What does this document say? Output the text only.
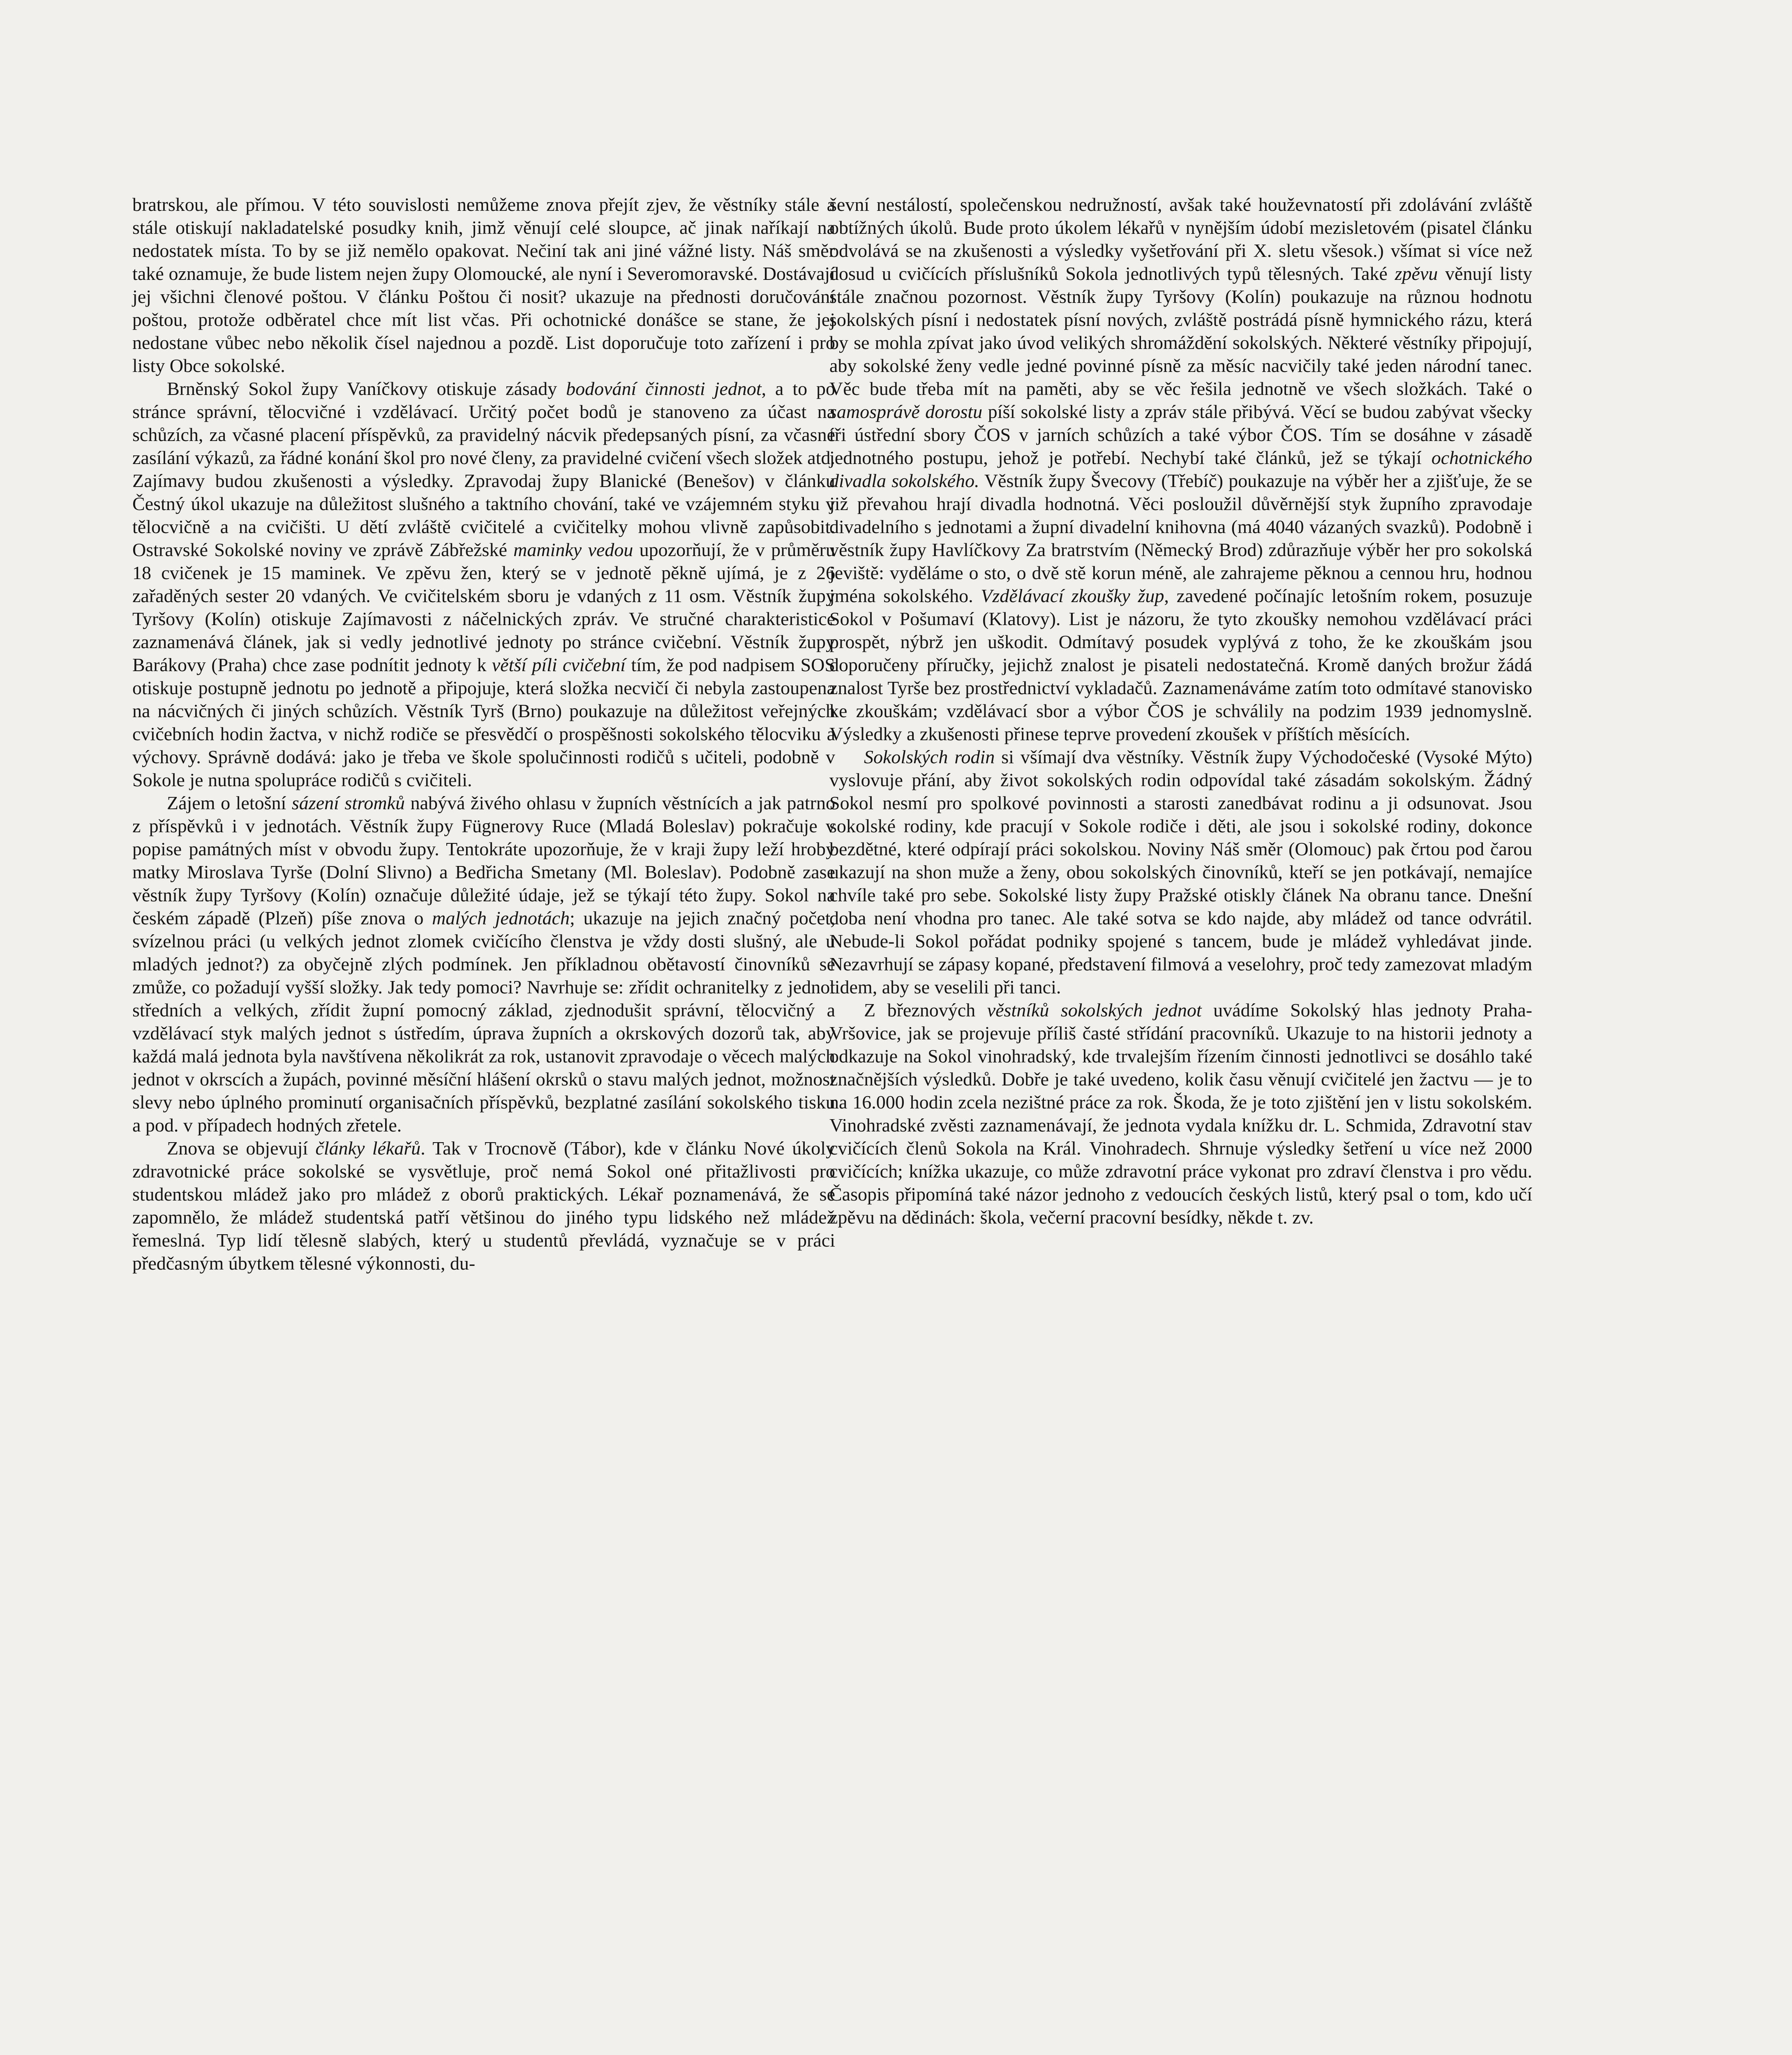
bratrskou, ale přímou. V této souvislosti nemůžeme znova přejít zjev, že věstníky stále a stále otiskují nakladatelské posudky knih, jimž věnují celé sloupce, ač jinak naříkají na nedostatek místa. To by se již nemělo opakovat. Nečiní tak ani jiné vážné listy. Náš směr také oznamuje, že bude listem nejen župy Olomoucké, ale nyní i Severomoravské. Dostávají jej všichni členové poštou. V článku Poštou či nosit? ukazuje na přednosti doručování poštou, protože odběratel chce mít list včas. Při ochotnické donášce se stane, že jej nedostane vůbec nebo několik čísel najednou a pozdě. List doporučuje toto zařízení i pro listy Obce sokolské.

Brněnský Sokol župy Vaníčkovy otiskuje zásady bodování činnosti jednot, a to po stránce správní, tělocvičné i vzdělávací. Určitý počet bodů je stanoveno za účast na schůzích, za včasné placení příspěvků, za pravidelný nácvik předepsaných písní, za včasné zasílání výkazů, za řádné konání škol pro nové členy, za pravidelné cvičení všech složek atd. Zajímavy budou zkušenosti a výsledky. Zpravodaj župy Blanické (Benešov) v článku Čestný úkol ukazuje na důležitost slušného a taktního chování, také ve vzájemném styku v tělocvičně a na cvičišti. U dětí zvláště cvičitelé a cvičitelky mohou vlivně zapůsobit. Ostravské Sokolské noviny ve zprávě Zábřežské maminky vedou upozorňují, že v průměru 18 cvičenek je 15 maminek. Ve zpěvu žen, který se v jednotě pěkně ujímá, je z 26 zařaděných sester 20 vdaných. Ve cvičitelském sboru je vdaných z 11 osm. Věstník župy Tyršovy (Kolín) otiskuje Zajímavosti z náčelnických zpráv. Ve stručné charakteristice zaznamenává článek, jak si vedly jednotlivé jednoty po stránce cvičební. Věstník župy Barákovy (Praha) chce zase podnítit jednoty k větší píli cvičební tím, že pod nadpisem SOS otiskuje postupně jednotu po jednotě a připojuje, která složka necvičí či nebyla zastoupena na nácvičných či jiných schůzích. Věstník Tyrš (Brno) poukazuje na důležitost veřejných cvičebních hodin žactva, v nichž rodiče se přesvědčí o prospěšnosti sokolského tělocviku a výchovy. Správně dodává: jako je třeba ve škole spolučinnosti rodičů s učiteli, podobně v Sokole je nutna spolupráce rodičů s cvičiteli.

Zájem o letošní sázení stromků nabývá živého ohlasu v župních věstnících a jak patrno z příspěvků i v jednotách. Věstník župy Fügnerovy Ruce (Mladá Boleslav) pokračuje v popise památných míst v obvodu župy. Tentokráte upozorňuje, že v kraji župy leží hroby matky Miroslava Tyrše (Dolní Slivno) a Bedřicha Smetany (Ml. Boleslav). Podobně zase věstník župy Tyršovy (Kolín) označuje důležité údaje, jež se týkají této župy. Sokol na českém západě (Plzeň) píše znova o malých jednotách; ukazuje na jejich značný počet, svízelnou práci (u velkých jednot zlomek cvičícího členstva je vždy dosti slušný, ale u mladých jednot?) za obyčejně zlých podmínek. Jen příkladnou obětavostí činovníků se zmůže, co požadují vyšší složky. Jak tedy pomoci? Navrhuje se: zřídit ochranitelky z jednot středních a velkých, zřídit župní pomocný základ, zjednodušit správní, tělocvičný a vzdělávací styk malých jednot s ústředím, úprava župních a okrskových dozorů tak, aby každá malá jednota byla navštívena několikrát za rok, ustanovit zpravodaje o věcech malých jednot v okrscích a župách, povinné měsíční hlášení okrsků o stavu malých jednot, možnost slevy nebo úplného prominutí organisačních příspěvků, bezplatné zasílání sokolského tisku a pod. v případech hodných zřetele.

Znova se objevují články lékařů. Tak v Trocnově (Tábor), kde v článku Nové úkoly zdravotnické práce sokolské se vysvětluje, proč nemá Sokol oné přitažlivosti pro studentskou mládež jako pro mládež z oborů praktických. Lékař poznamenává, že se zapomnělo, že mládež studentská patří většinou do jiného typu lidského než mládež řemeslná. Typ lidí tělesně slabých, který u studentů převládá, vyznačuje se v práci předčasným úbytkem tělesné výkonnosti, du-

ševní nestálostí, společenskou nedružností, avšak také houževnatostí při zdolávání zvláště obtížných úkolů. Bude proto úkolem lékařů v nynějším údobí mezisletovém (pisatel článku odvolává se na zkušenosti a výsledky vyšetřování při X. sletu všesok.) všímat si více než dosud u cvičících příslušníků Sokola jednotlivých typů tělesných. Také zpěvu věnují listy stále značnou pozornost. Věstník župy Tyršovy (Kolín) poukazuje na různou hodnotu sokolských písní i nedostatek písní nových, zvláště postrádá písně hymnického rázu, která by se mohla zpívat jako úvod velikých shromáždění sokolských. Některé věstníky připojují, aby sokolské ženy vedle jedné povinné písně za měsíc nacvičily také jeden národní tanec. Věc bude třeba mít na paměti, aby se věc řešila jednotně ve všech složkách. Také o samosprávě dorostu píší sokolské listy a zpráv stále přibývá. Věcí se budou zabývat všecky tři ústřední sbory ČOS v jarních schůzích a také výbor ČOS. Tím se dosáhne v zásadě jednotného postupu, jehož je potřebí. Nechybí také článků, jež se týkají ochotnického divadla sokolského. Věstník župy Švecovy (Třebíč) poukazuje na výběr her a zjišťuje, že se již převahou hrají divadla hodnotná. Věci posloužil důvěrnější styk župního zpravodaje divadelního s jednotami a župní divadelní knihovna (má 4040 vázaných svazků). Podobně i věstník župy Havlíčkovy Za bratrstvím (Německý Brod) zdůrazňuje výběr her pro sokolská jeviště: vyděláme o sto, o dvě stě korun méně, ale zahrajeme pěknou a cennou hru, hodnou jména sokolského. Vzdělávací zkoušky žup, zavedené počínajíc letošním rokem, posuzuje Sokol v Pošumaví (Klatovy). List je názoru, že tyto zkoušky nemohou vzdělávací práci prospět, nýbrž jen uškodit. Odmítavý posudek vyplývá z toho, že ke zkouškám jsou doporučeny příručky, jejichž znalost je pisateli nedostatečná. Kromě daných brožur žádá znalost Tyrše bez prostřednictví vykladačů. Zaznamenáváme zatím toto odmítavé stanovisko ke zkouškám; vzdělávací sbor a výbor ČOS je schválily na podzim 1939 jednomyslně. Výsledky a zkušenosti přinese teprve provedení zkoušek v příštích měsících.

Sokolských rodin si všímají dva věstníky. Věstník župy Východočeské (Vysoké Mýto) vyslovuje přání, aby život sokolských rodin odpovídal také zásadám sokolským. Žádný Sokol nesmí pro spolkové povinnosti a starosti zanedbávat rodinu a ji odsunovat. Jsou sokolské rodiny, kde pracují v Sokole rodiče i děti, ale jsou i sokolské rodiny, dokonce bezdětné, které odpírají práci sokolskou. Noviny Náš směr (Olomouc) pak črtou pod čarou ukazují na shon muže a ženy, obou sokolských činovníků, kteří se jen potkávají, nemajíce chvíle také pro sebe. Sokolské listy župy Pražské otiskly článek Na obranu tance. Dnešní doba není vhodna pro tanec. Ale také sotva se kdo najde, aby mládež od tance odvrátil. Nebude-li Sokol pořádat podniky spojené s tancem, bude je mládež vyhledávat jinde. Nezavrhují se zápasy kopané, představení filmová a veselohry, proč tedy zamezovat mladým lidem, aby se veselili při tanci.

Z březnových věstníků sokolských jednot uvádíme Sokolský hlas jednoty Praha-Vršovice, jak se projevuje příliš časté střídání pracovníků. Ukazuje to na historii jednoty a odkazuje na Sokol vinohradský, kde trvalejším řízením činnosti jednotlivci se dosáhlo také značnějších výsledků. Dobře je také uvedeno, kolik času věnují cvičitelé jen žactvu — je to na 16.000 hodin zcela nezištné práce za rok. Škoda, že je toto zjištění jen v listu sokolském. Vinohradské zvěsti zaznamenávají, že jednota vydala knížku dr. L. Schmida, Zdravotní stav cvičících členů Sokola na Král. Vinohradech. Shrnuje výsledky šetření u více než 2000 cvičících; knížka ukazuje, co může zdravotní práce vykonat pro zdraví členstva i pro vědu. Časopis připomíná také názor jednoho z vedoucích českých listů, který psal o tom, kdo učí zpěvu na dědinách: škola, večerní pracovní besídky, někde t. zv.
